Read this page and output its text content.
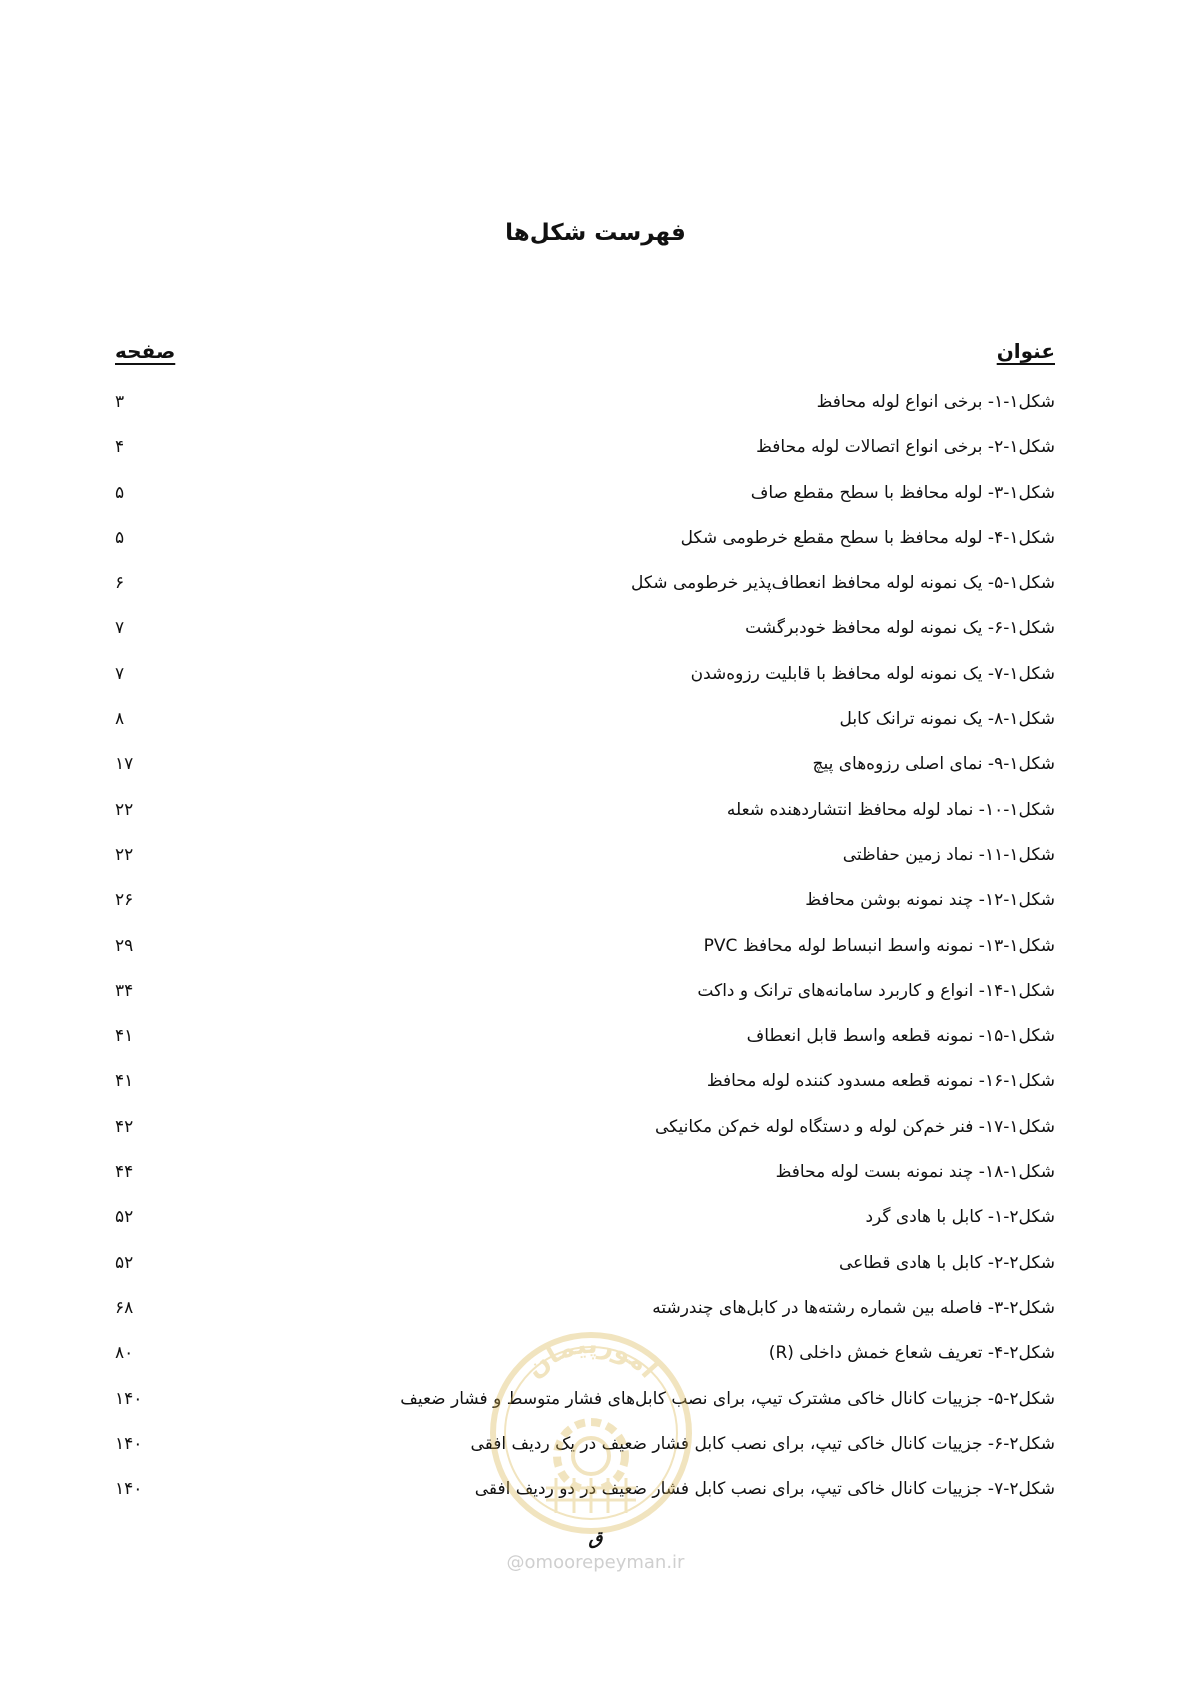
فهرست شکل‌ها
عنوان
صفحه
شکل۱-۱- برخی انواع لوله محافظ
۳
شکل۱-۲- برخی انواع اتصالات لوله محافظ
۴
شکل۱-۳- لوله محافظ با سطح مقطع صاف
۵
شکل۱-۴- لوله محافظ با سطح مقطع خرطومی شکل
۵
شکل۱-۵- یک نمونه لوله محافظ انعطاف‌پذیر خرطومی شکل
۶
شکل۱-۶- یک نمونه لوله محافظ خودبرگشت
۷
شکل۱-۷- یک نمونه لوله محافظ با قابلیت رزوه‌شدن
۷
شکل۱-۸- یک نمونه ترانک کابل
۸
شکل۱-۹- نمای اصلی رزوه‌های پیچ
۱۷
شکل۱-۱۰- نماد لوله محافظ انتشاردهنده شعله
۲۲
شکل۱-۱۱- نماد زمین حفاظتی
۲۲
شکل۱-۱۲- چند نمونه بوشن محافظ
۲۶
شکل۱-۱۳- نمونه واسط انبساط لوله محافظ PVC
۲۹
شکل۱-۱۴- انواع و کاربرد سامانه‌های ترانک و داکت
۳۴
شکل۱-۱۵- نمونه قطعه واسط قابل انعطاف
۴۱
شکل۱-۱۶- نمونه قطعه مسدود کننده لوله محافظ
۴۱
شکل۱-۱۷- فنر خم‌کن لوله و دستگاه لوله خم‌کن مکانیکی
۴۲
شکل۱-۱۸- چند نمونه بست لوله محافظ
۴۴
شکل۲-۱- کابل با هادی گرد
۵۲
شکل۲-۲- کابل با هادی قطاعی
۵۲
شکل۲-۳- فاصله بین شماره رشته‌ها در کابل‌های چندرشته
۶۸
شکل۲-۴- تعریف شعاع خمش داخلی (R)
۸۰
شکل۲-۵- جزییات کانال خاکی مشترک تیپ، برای نصب کابل‌های فشار متوسط و فشار ضعیف
۱۴۰
شکل۲-۶- جزییات کانال خاکی تیپ، برای نصب کابل فشار ضعیف در یک ردیف افقی
۱۴۰
شکل۲-۷- جزییات کانال خاکی تیپ، برای نصب کابل فشار ضعیف در دو ردیف افقی
۱۴۰
امورپیمان
ق
@omoorepeyman.ir
